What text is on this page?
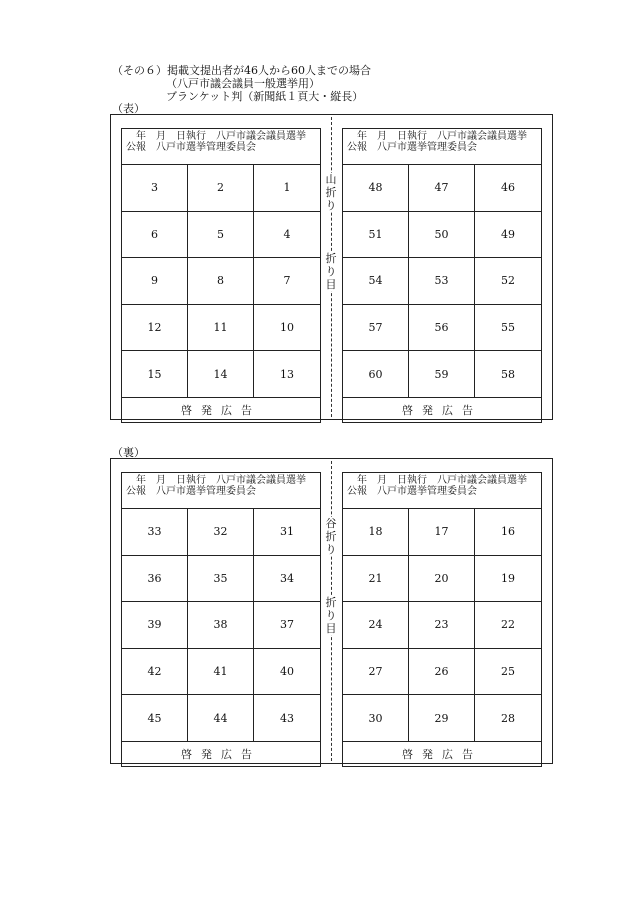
（その６）掲載文提出者が46人から60人までの場合
（八戸市議会議員一般選挙用）
ブランケット判（新聞紙１頁大・縦長）
（表）
　年　月　日執行　八戸市議会議員選挙
公報　八戸市選挙管理委員会
3	2	1
6	5	4
9	8	7
12	11	10
15	14	13
啓発広告
山
折
り
折
り
目
　年　月　日執行　八戸市議会議員選挙
公報　八戸市選挙管理委員会
48	47	46
51	50	49
54	53	52
57	56	55
60	59	58
啓発広告
（裏）
　年　月　日執行　八戸市議会議員選挙
公報　八戸市選挙管理委員会
33	32	31
36	35	34
39	38	37
42	41	40
45	44	43
啓発広告
谷
折
り
折
り
目
　年　月　日執行　八戸市議会議員選挙
公報　八戸市選挙管理委員会
18	17	16
21	20	19
24	23	22
27	26	25
30	29	28
啓発広告
